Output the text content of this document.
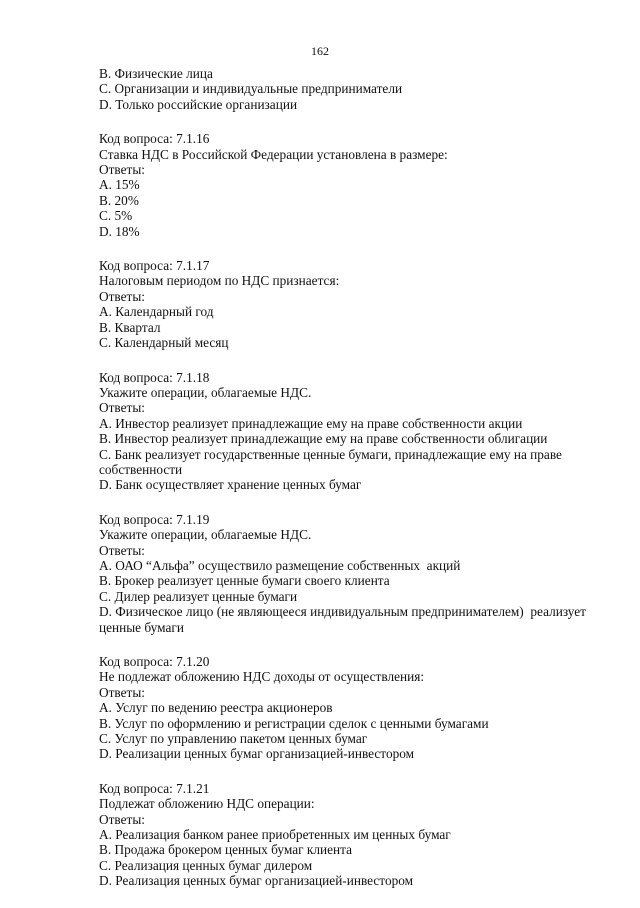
162
B. Физические лица
C. Организации и индивидуальные предприниматели
D. Только российские организации
Код вопроса: 7.1.16
Ставка НДС в Российской Федерации установлена в размере:
Ответы:
A. 15%
B. 20%
C. 5%
D. 18%
Код вопроса: 7.1.17
Налоговым периодом по НДС признается:
Ответы:
A. Календарный год
B. Квартал
C. Календарный месяц
Код вопроса: 7.1.18
Укажите операции, облагаемые НДС.
Ответы:
A. Инвестор реализует принадлежащие ему на праве собственности акции
B. Инвестор реализует принадлежащие ему на праве собственности облигации
C. Банк реализует государственные ценные бумаги, принадлежащие ему на праве собственности
D. Банк осуществляет хранение ценных бумаг
Код вопроса: 7.1.19
Укажите операции, облагаемые НДС.
Ответы:
A. ОАО “Альфа” осуществило размещение собственных  акций
B. Брокер реализует ценные бумаги своего клиента
C. Дилер реализует ценные бумаги
D. Физическое лицо (не являющееся индивидуальным предпринимателем)  реализует ценные бумаги
Код вопроса: 7.1.20
Не подлежат обложению НДС доходы от осуществления:
Ответы:
A. Услуг по ведению реестра акционеров
B. Услуг по оформлению и регистрации сделок с ценными бумагами
C. Услуг по управлению пакетом ценных бумаг
D. Реализации ценных бумаг организацией-инвестором
Код вопроса: 7.1.21
Подлежат обложению НДС операции:
Ответы:
A. Реализация банком ранее приобретенных им ценных бумаг
B. Продажа брокером ценных бумаг клиента
C. Реализация ценных бумаг дилером
D. Реализация ценных бумаг организацией-инвестором
